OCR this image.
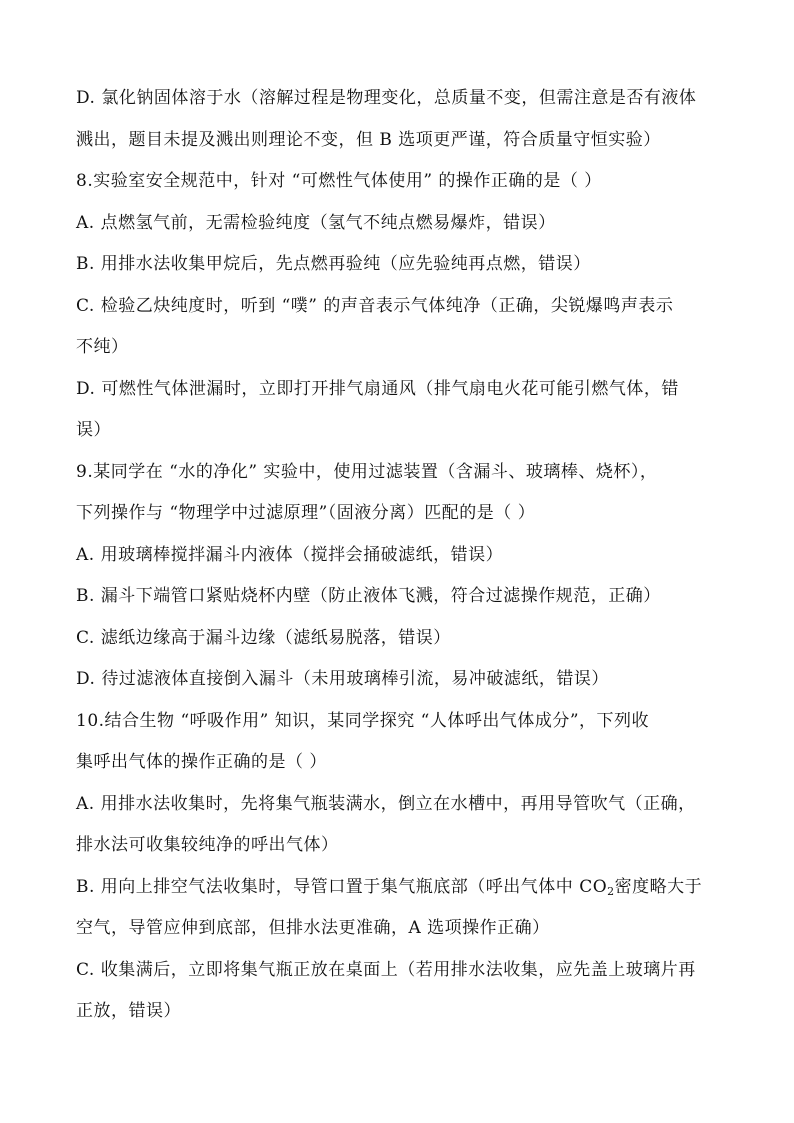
D. 氯化钠固体溶于水（溶解过程是物理变化，总质量不变，但需注意是否有液体
溅出，题目未提及溅出则理论不变，但 B 选项更严谨，符合质量守恒实验）
8.实验室安全规范中，针对 “可燃性气体使用” 的操作正确的是（ ）
A. 点燃氢气前，无需检验纯度（氢气不纯点燃易爆炸，错误）
B. 用排水法收集甲烷后，先点燃再验纯（应先验纯再点燃，错误）
C. 检验乙炔纯度时，听到 “噗” 的声音表示气体纯净（正确，尖锐爆鸣声表示
不纯）
D. 可燃性气体泄漏时，立即打开排气扇通风（排气扇电火花可能引燃气体，错
误）
9.某同学在 “水的净化” 实验中，使用过滤装置（含漏斗、玻璃棒、烧杯），
下列操作与 “物理学中过滤原理”（固液分离）匹配的是（ ）
A. 用玻璃棒搅拌漏斗内液体（搅拌会捅破滤纸，错误）
B. 漏斗下端管口紧贴烧杯内壁（防止液体飞溅，符合过滤操作规范，正确）
C. 滤纸边缘高于漏斗边缘（滤纸易脱落，错误）
D. 待过滤液体直接倒入漏斗（未用玻璃棒引流，易冲破滤纸，错误）
10.结合生物 “呼吸作用” 知识，某同学探究 “人体呼出气体成分”，下列收
集呼出气体的操作正确的是（ ）
A. 用排水法收集时，先将集气瓶装满水，倒立在水槽中，再用导管吹气（正确，
排水法可收集较纯净的呼出气体）
B. 用向上排空气法收集时，导管口置于集气瓶底部（呼出气体中 $CO_2$密度略大于
空气，导管应伸到底部，但排水法更准确，A 选项操作正确）
C. 收集满后，立即将集气瓶正放在桌面上（若用排水法收集，应先盖上玻璃片再
正放，错误）
